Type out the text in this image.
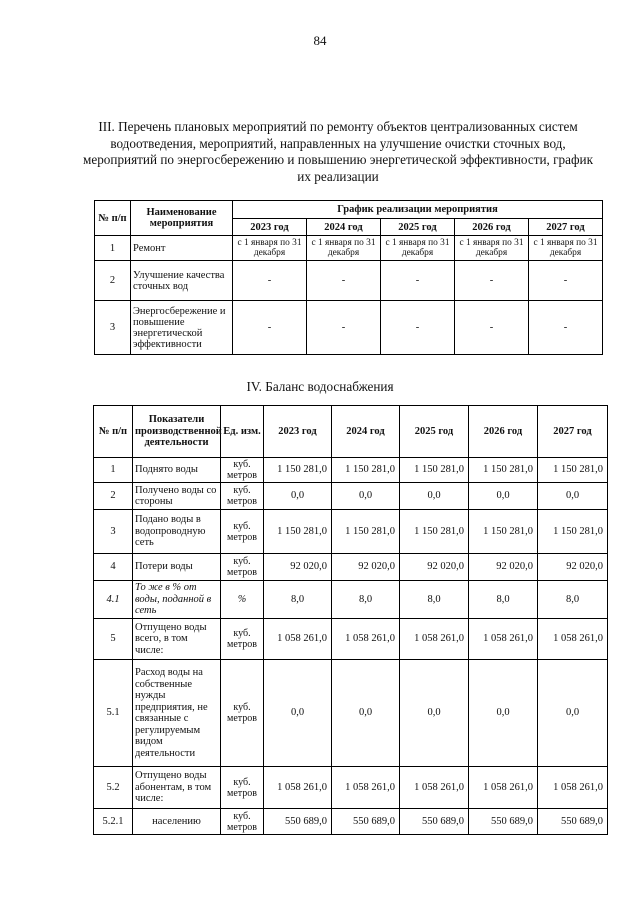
84
III. Перечень плановых мероприятий по ремонту объектов централизованных систем водоотведения, мероприятий, направленных на улучшение очистки сточных вод, мероприятий по энергосбережению и повышению энергетической эффективности, график их реализации
№ п/п	Наименование мероприятия	График реализации мероприятия				
		2023 год	2024 год	2025 год	2026 год	2027 год
1	Ремонт	с 1 января по 31 декабря	с 1 января по 31 декабря	с 1 января по 31 декабря	с 1 января по 31 декабря	с 1 января по 31 декабря
2	Улучшение качества сточных вод	-	-	-	-	-
3	Энергосбережение и повышение энергетической эффективности	-	-	-	-	-
IV. Баланс водоснабжения
№ п/п	Показатели производственной деятельности	Ед. изм.	2023 год	2024 год	2025 год	2026 год	2027 год
1	Поднято воды	куб. метров	1 150 281,0	1 150 281,0	1 150 281,0	1 150 281,0	1 150 281,0
2	Получено воды со стороны	куб. метров	0,0	0,0	0,0	0,0	0,0
3	Подано воды в водопроводную сеть	куб. метров	1 150 281,0	1 150 281,0	1 150 281,0	1 150 281,0	1 150 281,0
4	Потери воды	куб. метров	92 020,0	92 020,0	92 020,0	92 020,0	92 020,0
4.1	То же в % от воды, поданной в сеть	%	8,0	8,0	8,0	8,0	8,0
5	Отпущено воды всего, в том числе:	куб. метров	1 058 261,0	1 058 261,0	1 058 261,0	1 058 261,0	1 058 261,0
5.1	Расход воды на собственные нужды предприятия, не связанные с регулируемым видом деятельности	куб. метров	0,0	0,0	0,0	0,0	0,0
5.2	Отпущено воды абонентам, в том числе:	куб. метров	1 058 261,0	1 058 261,0	1 058 261,0	1 058 261,0	1 058 261,0
5.2.1	населению	куб. метров	550 689,0	550 689,0	550 689,0	550 689,0	550 689,0
